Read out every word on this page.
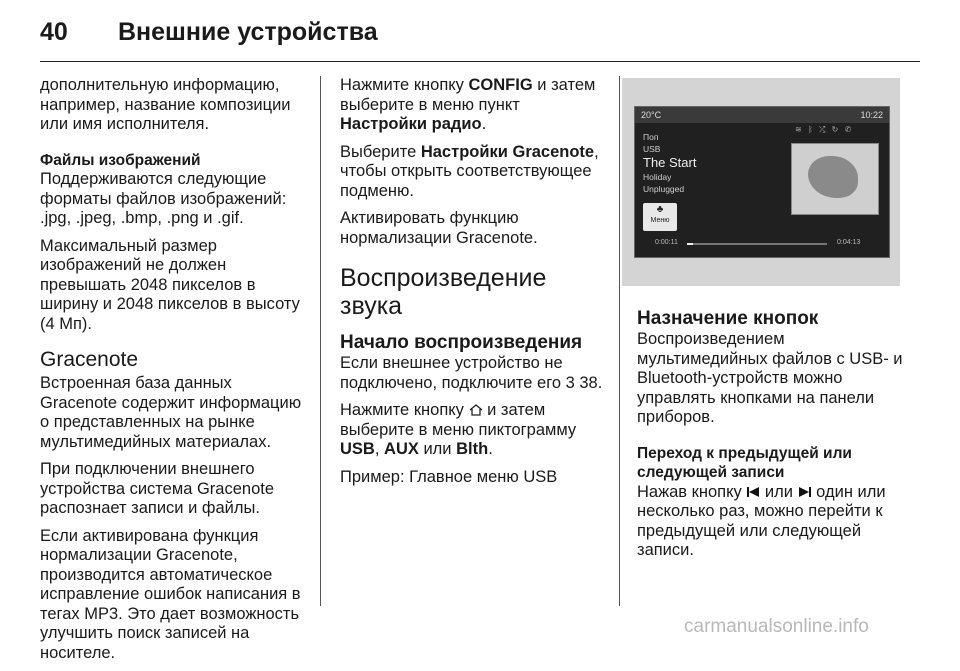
40 Внешние устройства

дополнительную информацию, например, название композиции или имя исполнителя.

Файлы изображений

Поддерживаются следующие форматы файлов изображений: .jpg, .jpeg, .bmp, .png и .gif.

Максимальный размер изображений не должен превышать 2048 пикселов в ширину и 2048 пикселов в высоту (4 Мп).

Gracenote

Встроенная база данных Gracenote содержит информацию о представленных на рынке мультимедийных материалах.

При подключении внешнего устройства система Gracenote распознает записи и файлы.

Если активирована функция нормализации Gracenote, производится автоматическое исправление ошибок написания в тегах MP3. Это дает возможность улучшить поиск записей на носителе.

Нажмите кнопку CONFIG и затем выберите в меню пункт Настройки радио.

Выберите Настройки Gracenote, чтобы открыть соответствующее подменю.

Активировать функцию нормализации Gracenote.

Воспроизведение звука
Начало воспроизведения

Если внешнее устройство не подключено, подключите его 3 38.

Нажмите кнопку  и затем выберите в меню пиктограмму USB, AUX или Blth.

Пример: Главное меню USB

20°C	10:22
≋ ᛒ ⤮ ↻ ✆
Поп
USB
The Start
Holiday
Unplugged
♣
Меню
0:00:11	0:04:13
Назначение кнопок

Воспроизведением мультимедийных файлов с USB- и Bluetooth-устройств можно управлять кнопками на панели приборов.

Переход к предыдущей или следующей записи

Нажав кнопку  или  один или несколько раз, можно перейти к предыдущей или следующей записи.

carmanualsonline.info
